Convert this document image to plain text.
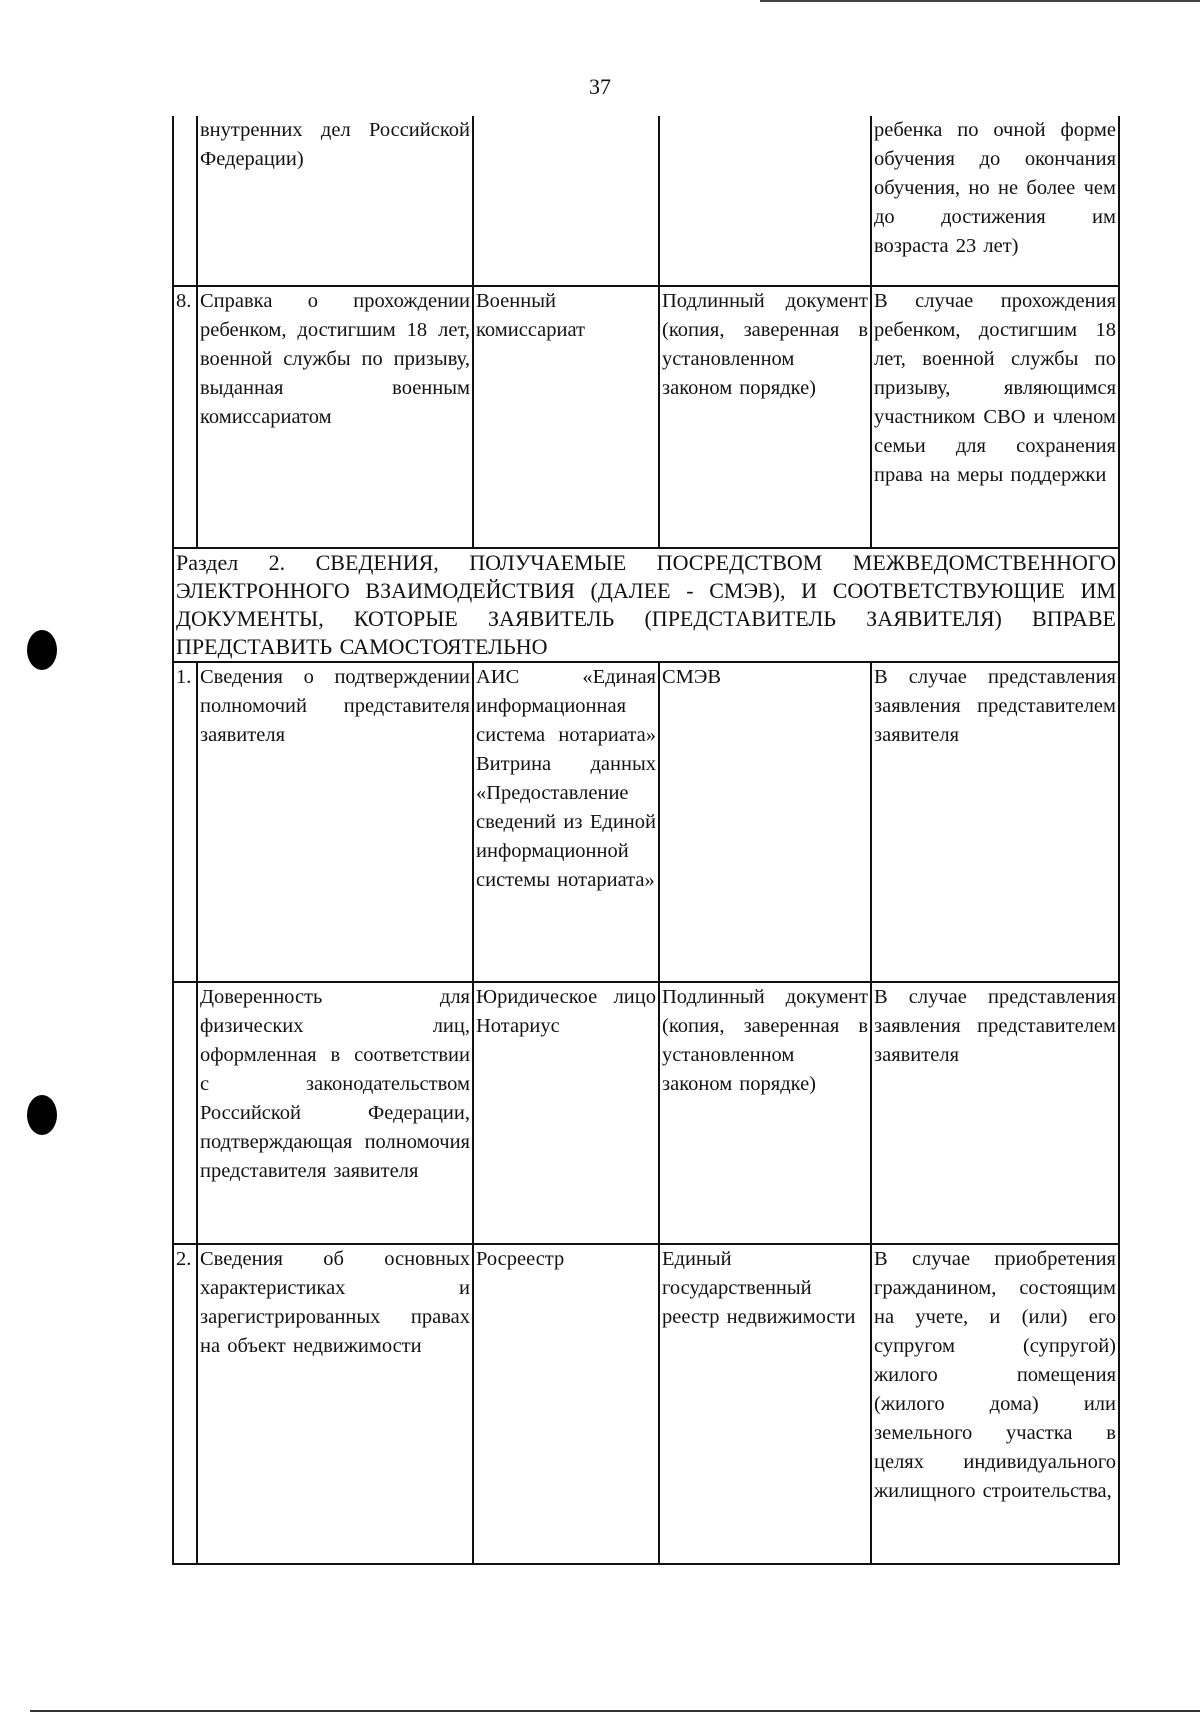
37
	внутренних дел Российской Федерации)			ребенка по очной форме обучения до окончания обучения, но не более чем до достижения им возраста 23 лет)
8.	Справка о прохождении ребенком, достигшим 18 лет, военной службы по призыву, выданная военным комиссариатом	Военный комиссариат	Подлинный документ (копия, заверенная в установленном законом порядке)	В случае прохождения ребенком, достигшим 18 лет, военной службы по призыву, являющимся участником СВО и членом семьи для сохранения права на меры поддержки
Раздел 2. СВЕДЕНИЯ, ПОЛУЧАЕМЫЕ ПОСРЕДСТВОМ МЕЖВЕДОМСТВЕННОГО ЭЛЕКТРОННОГО ВЗАИМОДЕЙСТВИЯ (ДАЛЕЕ - СМЭВ), И СООТВЕТСТВУЮЩИЕ ИМ ДОКУМЕНТЫ, КОТОРЫЕ ЗАЯВИТЕЛЬ (ПРЕДСТАВИТЕЛЬ ЗАЯВИТЕЛЯ) ВПРАВЕ ПРЕДСТАВИТЬ САМОСТОЯТЕЛЬНО				
1.	Сведения о подтверждении полномочий представителя заявителя	АИС «Единая информационная система нотариата» Витрина данных «Предоставление сведений из Единой информационной системы нотариата»	СМЭВ	В случае представления заявления представителем заявителя
	Доверенность для физических лиц, оформленная в соответствии с законодательством Российской Федерации, подтверждающая полномочия представителя заявителя	Юридическое лицо Нотариус	Подлинный документ (копия, заверенная в установленном законом порядке)	В случае представления заявления представителем заявителя
2.	Сведения об основных характеристиках и зарегистрированных правах на объект недвижимости	Росреестр	Единый государственный реестр недвижимости	В случае приобретения гражданином, состоящим на учете, и (или) его супругом (супругой) жилого помещения (жилого дома) или земельного участка в целях индивидуального жилищного строительства,
